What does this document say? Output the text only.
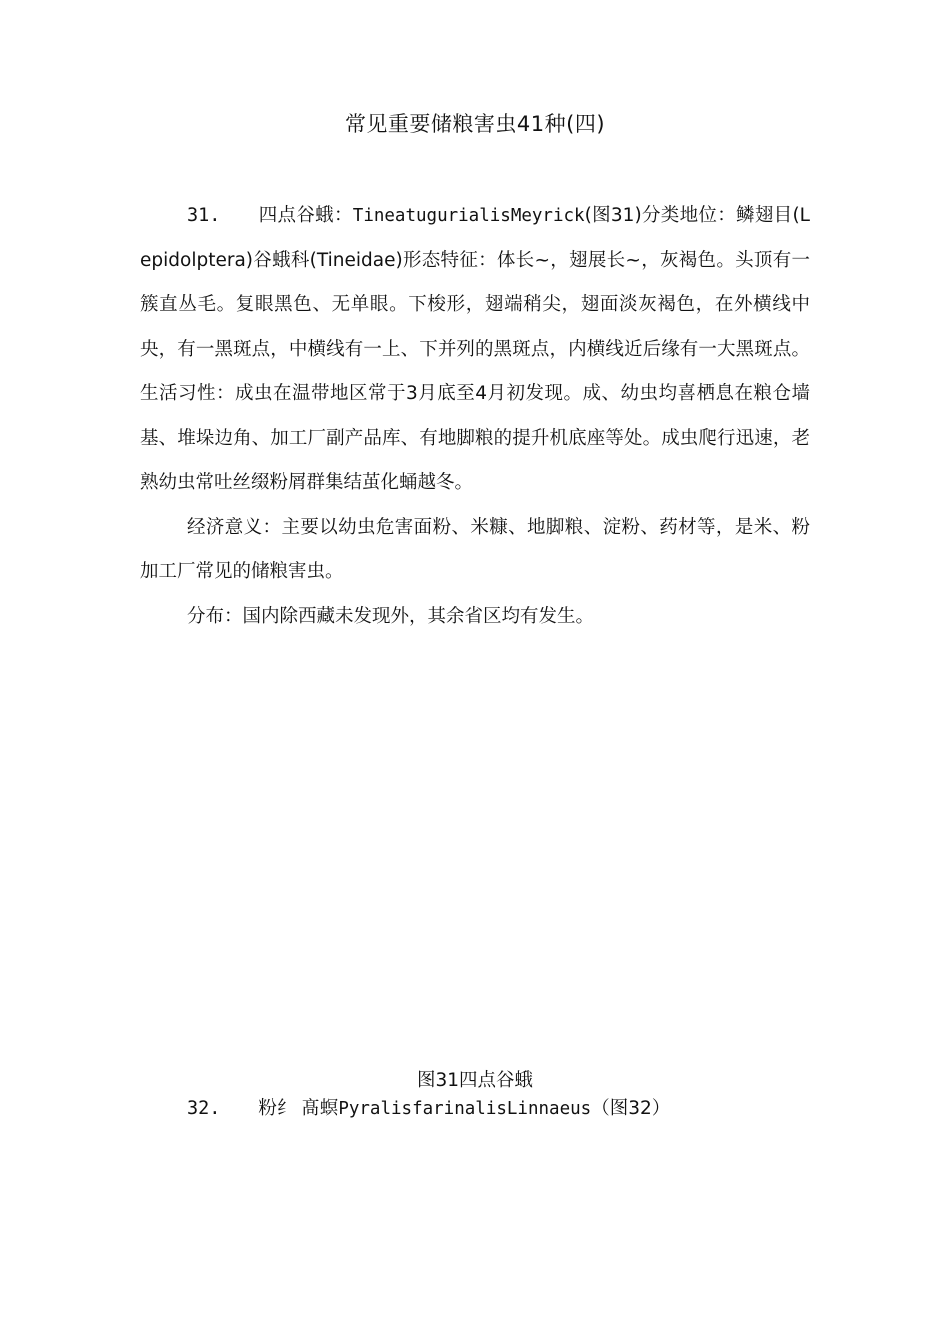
常见重要储粮害虫41种(四)

31. 四点谷蛾：TineatugurialisMeyrick(图31)分类地位：鳞翅目(Lepidolptera)谷蛾科(Tineidae)形态特征：体长~，翅展长~，灰褐色。头顶有一簇直丛毛。复眼黑色、无单眼。下梭形，翅端稍尖，翅面淡灰褐色，在外横线中央，有一黑斑点，中横线有一上、下并列的黑斑点，内横线近后缘有一大黑斑点。生活习性：成虫在温带地区常于3月底至4月初发现。成、幼虫均喜栖息在粮仓墙基、堆垛边角、加工厂副产品库、有地脚粮的提升机底座等处。成虫爬行迅速，老熟幼虫常吐丝缀粉屑群集结茧化蛹越冬。

经济意义：主要以幼虫危害面粉、米糠、地脚粮、淀粉、药材等，是米、粉加工厂常见的储粮害虫。

分布：国内除西藏未发现外，其余省区均有发生。

图31四点谷蛾
32. 粉纟 髙螟PyralisfarinalisLinnaeus（图32）
